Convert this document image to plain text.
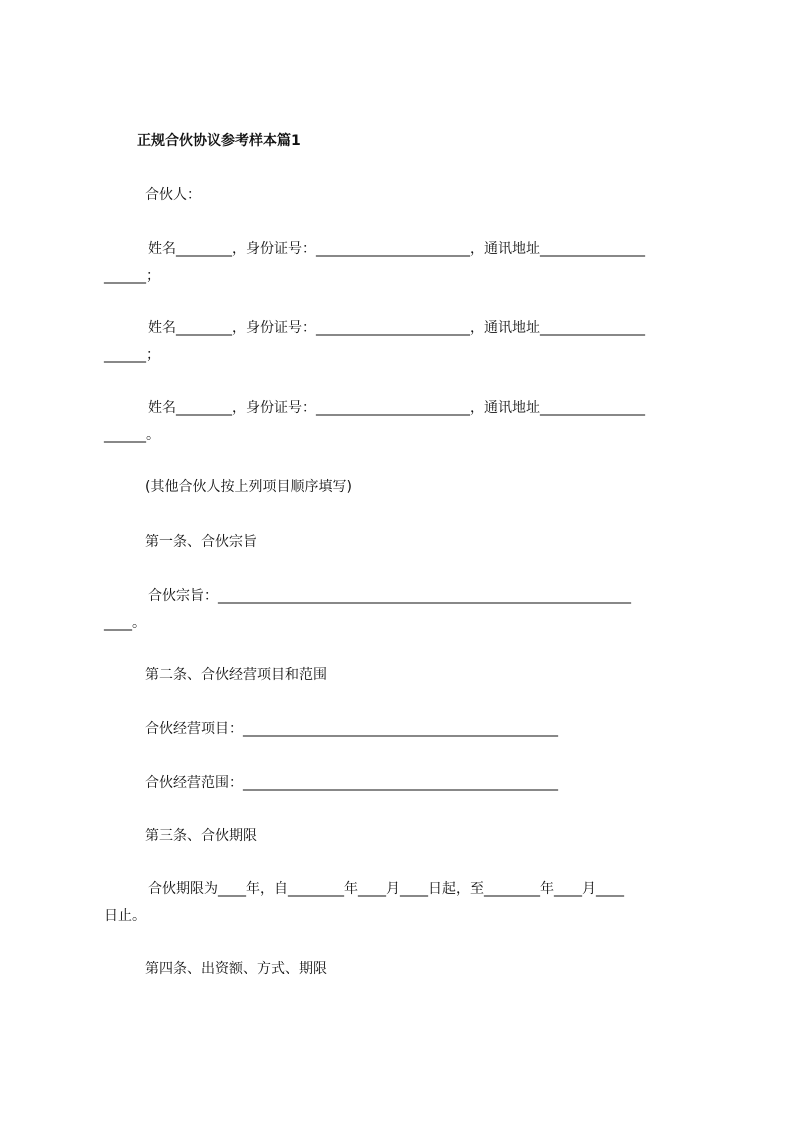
正规合伙协议参考样本篇1
合伙人：
姓名________，身份证号：______________________，通讯地址_______________
______；
姓名________，身份证号：______________________，通讯地址_______________
______；
姓名________，身份证号：______________________，通讯地址_______________
______。
(其他合伙人按上列项目顺序填写)
第一条、合伙宗旨
合伙宗旨：___________________________________________________________
____。
第二条、合伙经营项目和范围
合伙经营项目：_____________________________________________
合伙经营范围：_____________________________________________
第三条、合伙期限
合伙期限为____年，自________年____月____日起，至________年____月____
日止。
第四条、出资额、方式、期限
